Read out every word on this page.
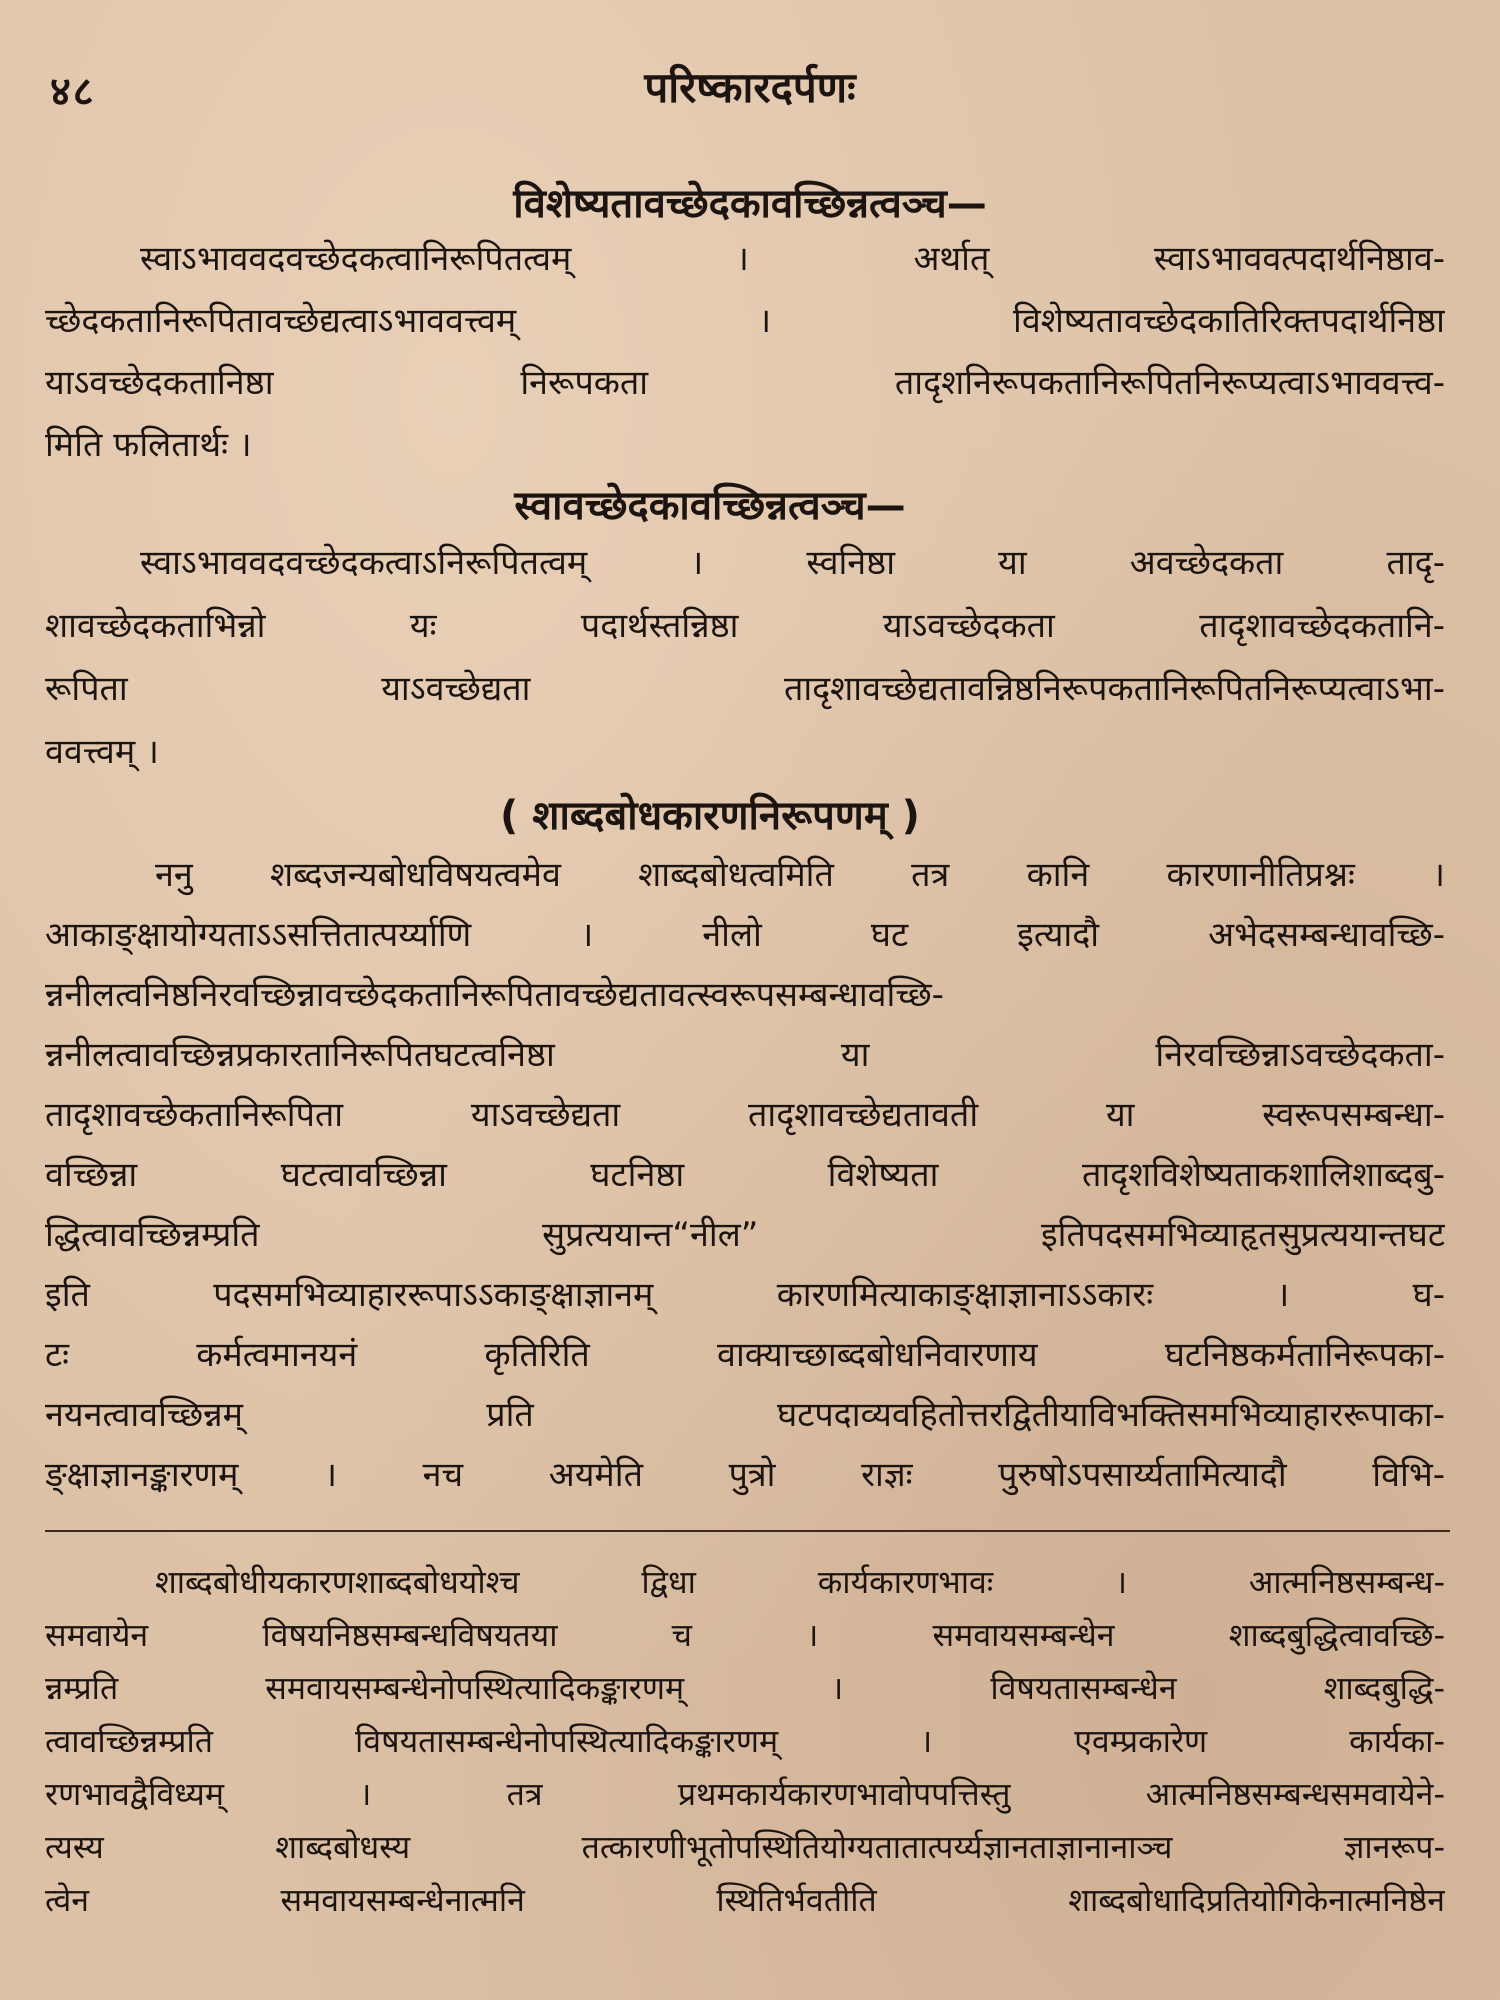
४८	परिष्कारदर्पणः
विशेष्यतावच्छेदकावच्छिन्नत्वञ्च—
स्वाऽभाववदवच्छेदकत्वानिरूपितत्वम् । अर्थात् स्वाऽभाववत्पदार्थनिष्ठाव-
च्छेदकतानिरूपितावच्छेद्यत्वाऽभाववत्त्वम् । विशेष्यतावच्छेदकातिरिक्तपदार्थनिष्ठा
याऽवच्छेदकतानिष्ठा निरूपकता तादृशनिरूपकतानिरूपितनिरूप्यत्वाऽभाववत्त्व-
मिति फलितार्थः ।
स्वावच्छेदकावच्छिन्नत्वञ्च—
स्वाऽभाववदवच्छेदकत्वाऽनिरूपितत्वम् । स्वनिष्ठा या अवच्छेदकता तादृ-
शावच्छेदकताभिन्नो यः पदार्थस्तन्निष्ठा याऽवच्छेदकता तादृशावच्छेदकतानि-
रूपिता याऽवच्छेद्यता तादृशावच्छेद्यतावन्निष्ठनिरूपकतानिरूपितनिरूप्यत्वाऽभा-
ववत्त्वम् ।
( शाब्दबोधकारणनिरूपणम् )
ननु शब्दजन्यबोधविषयत्वमेव शाब्दबोधत्वमिति तत्र कानि कारणानीतिप्रश्नः ।
आकाङ्क्षायोग्यताऽऽसत्तितात्पर्य्याणि । नीलो घट इत्यादौ अभेदसम्बन्धावच्छि-
न्ननीलत्वनिष्ठनिरवच्छिन्नावच्छेदकतानिरूपितावच्छेद्यतावत्स्वरूपसम्बन्धावच्छि-
न्ननीलत्वावच्छिन्नप्रकारतानिरूपितघटत्वनिष्ठा या निरवच्छिन्नाऽवच्छेदकता-
तादृशावच्छेकतानिरूपिता याऽवच्छेद्यता तादृशावच्छेद्यतावती या स्वरूपसम्बन्धा-
वच्छिन्ना घटत्वावच्छिन्ना घटनिष्ठा विशेष्यता तादृशविशेष्यताकशालिशाब्दबु-
द्धित्वावच्छिन्नम्प्रति सुप्रत्ययान्त“नील” इतिपदसमभिव्याहृतसुप्रत्ययान्तघट
इति पदसमभिव्याहाररूपाऽऽकाङ्क्षाज्ञानम् कारणमित्याकाङ्क्षाज्ञानाऽऽकारः । घ-
टः कर्मत्वमानयनं कृतिरिति वाक्याच्छाब्दबोधनिवारणाय घटनिष्ठकर्मतानिरूपका-
नयनत्वावच्छिन्नम् प्रति घटपदाव्यवहितोत्तरद्वितीयाविभक्तिसमभिव्याहाररूपाका-
ङ्क्षाज्ञानङ्कारणम् । नच अयमेति पुत्रो राज्ञः पुरुषोऽपसार्य्यतामित्यादौ विभि-
शाब्दबोधीयकारणशाब्दबोधयोश्च द्विधा कार्यकारणभावः । आत्मनिष्ठसम्बन्ध-
समवायेन विषयनिष्ठसम्बन्धविषयतया च । समवायसम्बन्धेन शाब्दबुद्धित्वावच्छि-
न्नम्प्रति समवायसम्बन्धेनोपस्थित्यादिकङ्कारणम् । विषयतासम्बन्धेन शाब्दबुद्धि-
त्वावच्छिन्नम्प्रति विषयतासम्बन्धेनोपस्थित्यादिकङ्कारणम् । एवम्प्रकारेण कार्यका-
रणभावद्वैविध्यम् । तत्र प्रथमकार्यकारणभावोपपत्तिस्तु आत्मनिष्ठसम्बन्धसमवायेने-
त्यस्य शाब्दबोधस्य तत्कारणीभूतोपस्थितियोग्यतातात्पर्य्यज्ञानताज्ञानानाञ्च ज्ञानरूप-
त्वेन समवायसम्बन्धेनात्मनि स्थितिर्भवतीति शाब्दबोधादिप्रतियोगिकेनात्मनिष्ठेन
